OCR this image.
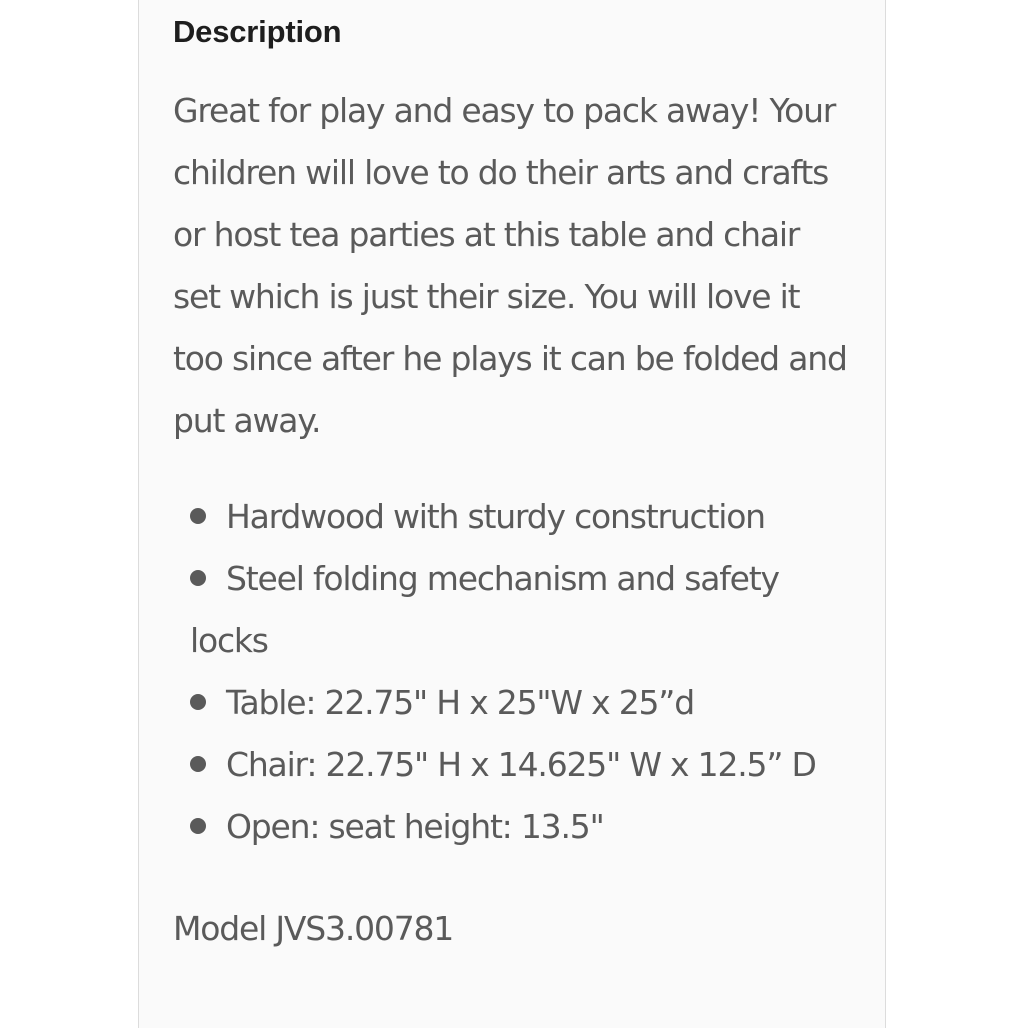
Description

Great for play and easy to pack away! Your children will love to do their arts and crafts or host tea parties at this table and chair set which is just their size. You will love it too since after he plays it can be folded and put away.

Hardwood with sturdy construction
Steel folding mechanism and safety locks
Table: 22.75" H x 25"W x 25”d
Chair: 22.75" H x 14.625" W x 12.5” D
Open: seat height: 13.5"

Model JVS3.00781
